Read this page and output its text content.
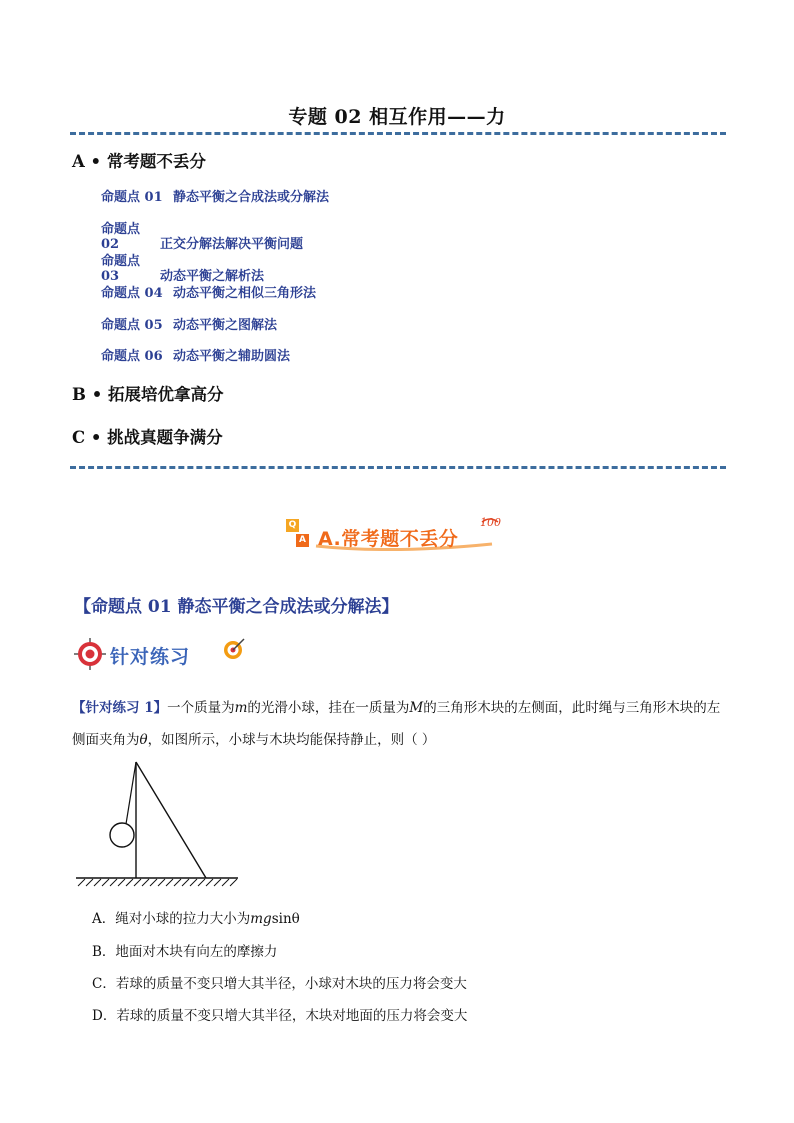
专题 02 相互作用——力
A • 常考题不丢分
命题点 01 静态平衡之合成法或分解法
命题点 02	正交分解法解决平衡问题
命题点 03	动态平衡之解析法
命题点 04 动态平衡之相似三角形法
命题点 05 动态平衡之图解法
命题点 06 动态平衡之辅助圆法
B • 拓展培优拿高分
C • 挑战真题争满分
Q
A A.常考题不丢分
100
【命题点 01 静态平衡之合成法或分解法】
针对练习
【针对练习 1】一个质量为m的光滑小球，挂在一质量为M的三角形木块的左侧面，此时绳与三角形木块的左侧面夹角为θ，如图所示，小球与木块均能保持静止，则（ ）
A．绳对小球的拉力大小为mgsinθ
B．地面对木块有向左的摩擦力
C．若球的质量不变只增大其半径，小球对木块的压力将会变大
D．若球的质量不变只增大其半径，木块对地面的压力将会变大
